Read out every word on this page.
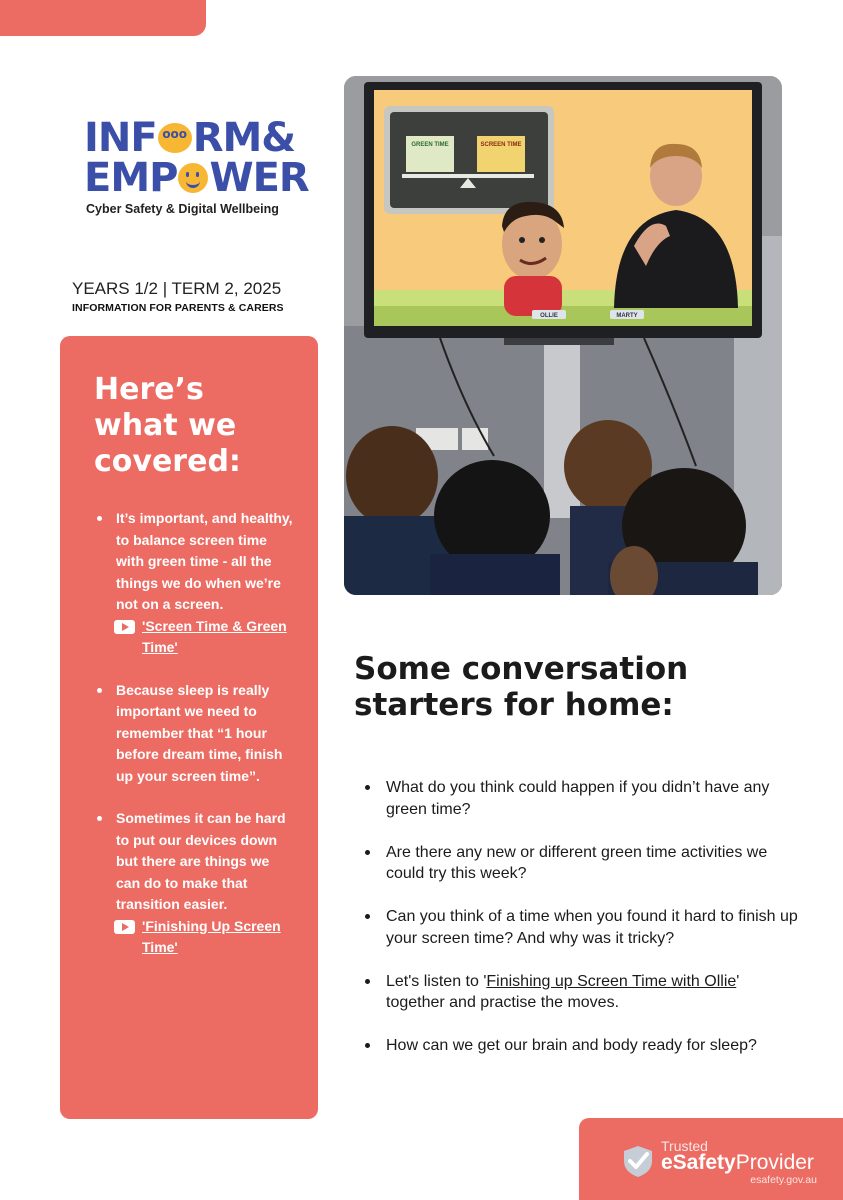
INFooo RM&
EMP WER
Cyber Safety & Digital Wellbeing
YEARS 1/2 | TERM 2, 2025
INFORMATION FOR PARENTS & CARERS
Here’s what we covered:
It’s important, and healthy, to balance screen time with green time - all the things we do when we’re not on a screen.
'Screen Time & Green Time'
Because sleep is really important we need to remember that “1 hour before dream time, finish up your screen time”.
Sometimes it can be hard to put our devices down but there are things we can do to make that transition easier.
'Finishing Up Screen Time'
GREEN TIME	SCREEN TIME
OLLIE	MARTY
Some conversation starters for home:
What do you think could happen if you didn’t have any green time?
Are there any new or different green time activities we could try this week?
Can you think of a time when you found it hard to finish up your screen time? And why was it tricky?
Let's listen to 'Finishing up Screen Time with Ollie' together and practise the moves.
How can we get our brain and body ready for sleep?
Trusted
eSafetyProvider
esafety.gov.au
